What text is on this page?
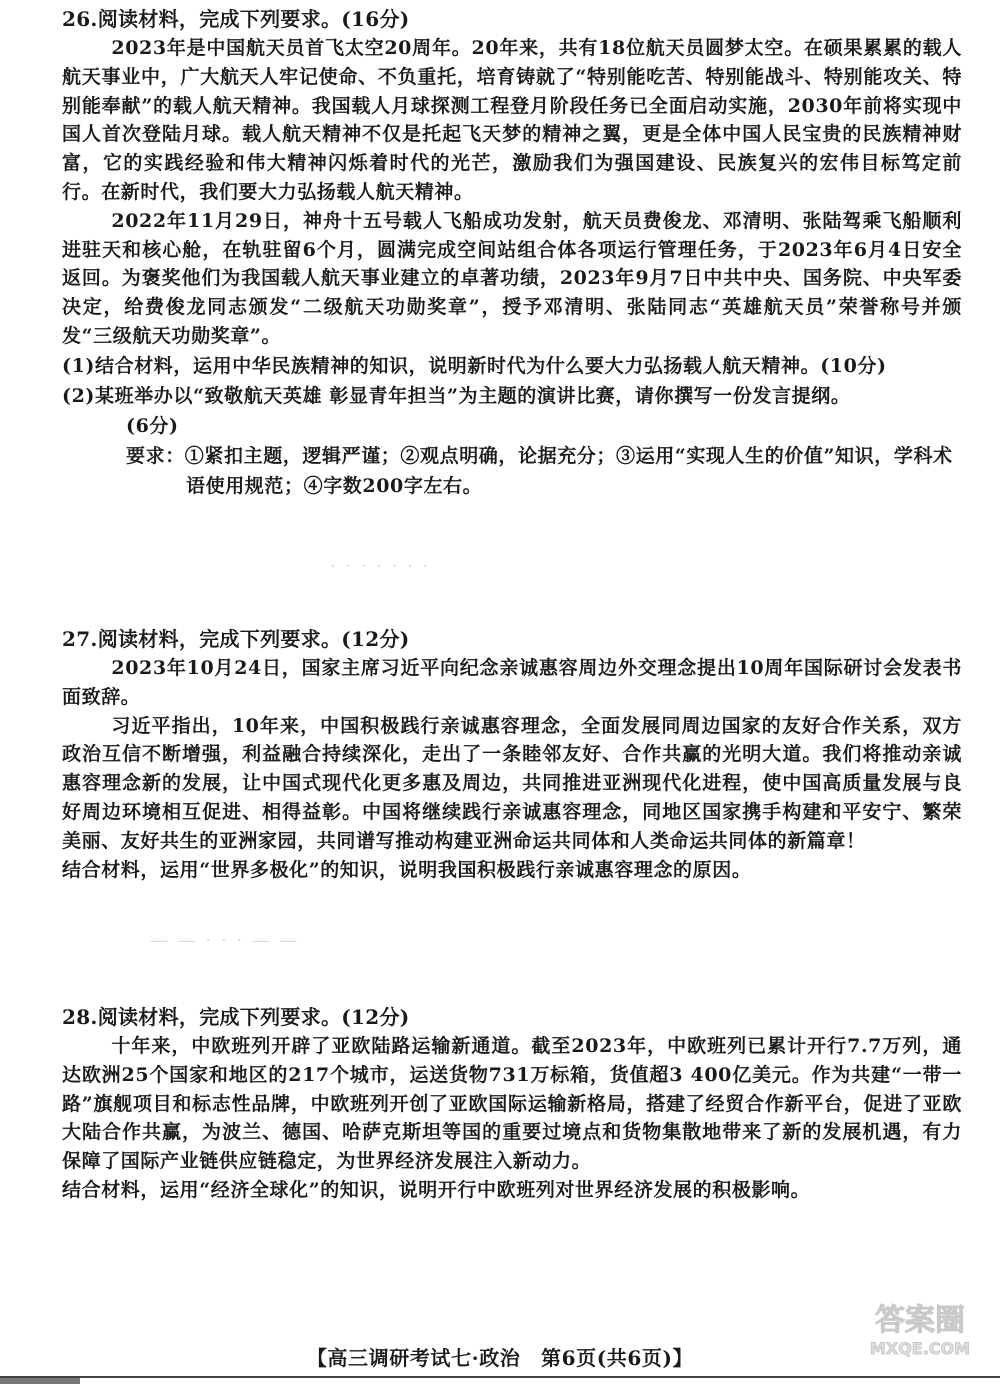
26.阅读材料，完成下列要求。(16分)

2023年是中国航天员首飞太空20周年。20年来，共有18位航天员圆梦太空。在硕果累累的载人航天事业中，广大航天人牢记使命、不负重托，培育铸就了“特别能吃苦、特别能战斗、特别能攻关、特别能奉献”的载人航天精神。我国载人月球探测工程登月阶段任务已全面启动实施，2030年前将实现中国人首次登陆月球。载人航天精神不仅是托起飞天梦的精神之翼，更是全体中国人民宝贵的民族精神财富，它的实践经验和伟大精神闪烁着时代的光芒，激励我们为强国建设、民族复兴的宏伟目标笃定前行。在新时代，我们要大力弘扬载人航天精神。

2022年11月29日，神舟十五号载人飞船成功发射，航天员费俊龙、邓清明、张陆驾乘飞船顺利进驻天和核心舱，在轨驻留6个月，圆满完成空间站组合体各项运行管理任务，于2023年6月4日安全返回。为褒奖他们为我国载人航天事业建立的卓著功绩，2023年9月7日中共中央、国务院、中央军委决定，给费俊龙同志颁发“二级航天功勋奖章”，授予邓清明、张陆同志“英雄航天员”荣誉称号并颁发“三级航天功勋奖章”。

(1)结合材料，运用中华民族精神的知识，说明新时代为什么要大力弘扬载人航天精神。(10分)

(2)某班举办以“致敬航天英雄 彰显青年担当”为主题的演讲比赛，请你撰写一份发言提纲。

(6分)

要求：①紧扣主题，逻辑严谨；②观点明确，论据充分；③运用“实现人生的价值”知识，学科术语使用规范；④字数200字左右。

· · · · · · ·
27.阅读材料，完成下列要求。(12分)

2023年10月24日，国家主席习近平向纪念亲诚惠容周边外交理念提出10周年国际研讨会发表书面致辞。

习近平指出，10年来，中国积极践行亲诚惠容理念，全面发展同周边国家的友好合作关系，双方政治互信不断增强，利益融合持续深化，走出了一条睦邻友好、合作共赢的光明大道。我们将推动亲诚惠容理念新的发展，让中国式现代化更多惠及周边，共同推进亚洲现代化进程，使中国高质量发展与良好周边环境相互促进、相得益彰。中国将继续践行亲诚惠容理念，同地区国家携手构建和平安宁、繁荣美丽、友好共生的亚洲家园，共同谱写推动构建亚洲命运共同体和人类命运共同体的新篇章！

结合材料，运用“世界多极化”的知识，说明我国积极践行亲诚惠容理念的原因。

— — · · · — —
28.阅读材料，完成下列要求。(12分)

十年来，中欧班列开辟了亚欧陆路运输新通道。截至2023年，中欧班列已累计开行7.7万列，通达欧洲25个国家和地区的217个城市，运送货物731万标箱，货值超3 400亿美元。作为共建“一带一路”旗舰项目和标志性品牌，中欧班列开创了亚欧国际运输新格局，搭建了经贸合作新平台，促进了亚欧大陆合作共赢，为波兰、德国、哈萨克斯坦等国的重要过境点和货物集散地带来了新的发展机遇，有力保障了国际产业链供应链稳定，为世界经济发展注入新动力。

结合材料，运用“经济全球化”的知识，说明开行中欧班列对世界经济发展的积极影响。

【高三调研考试七·政治　第6页(共6页)】
答案圈
MXQE.COM
